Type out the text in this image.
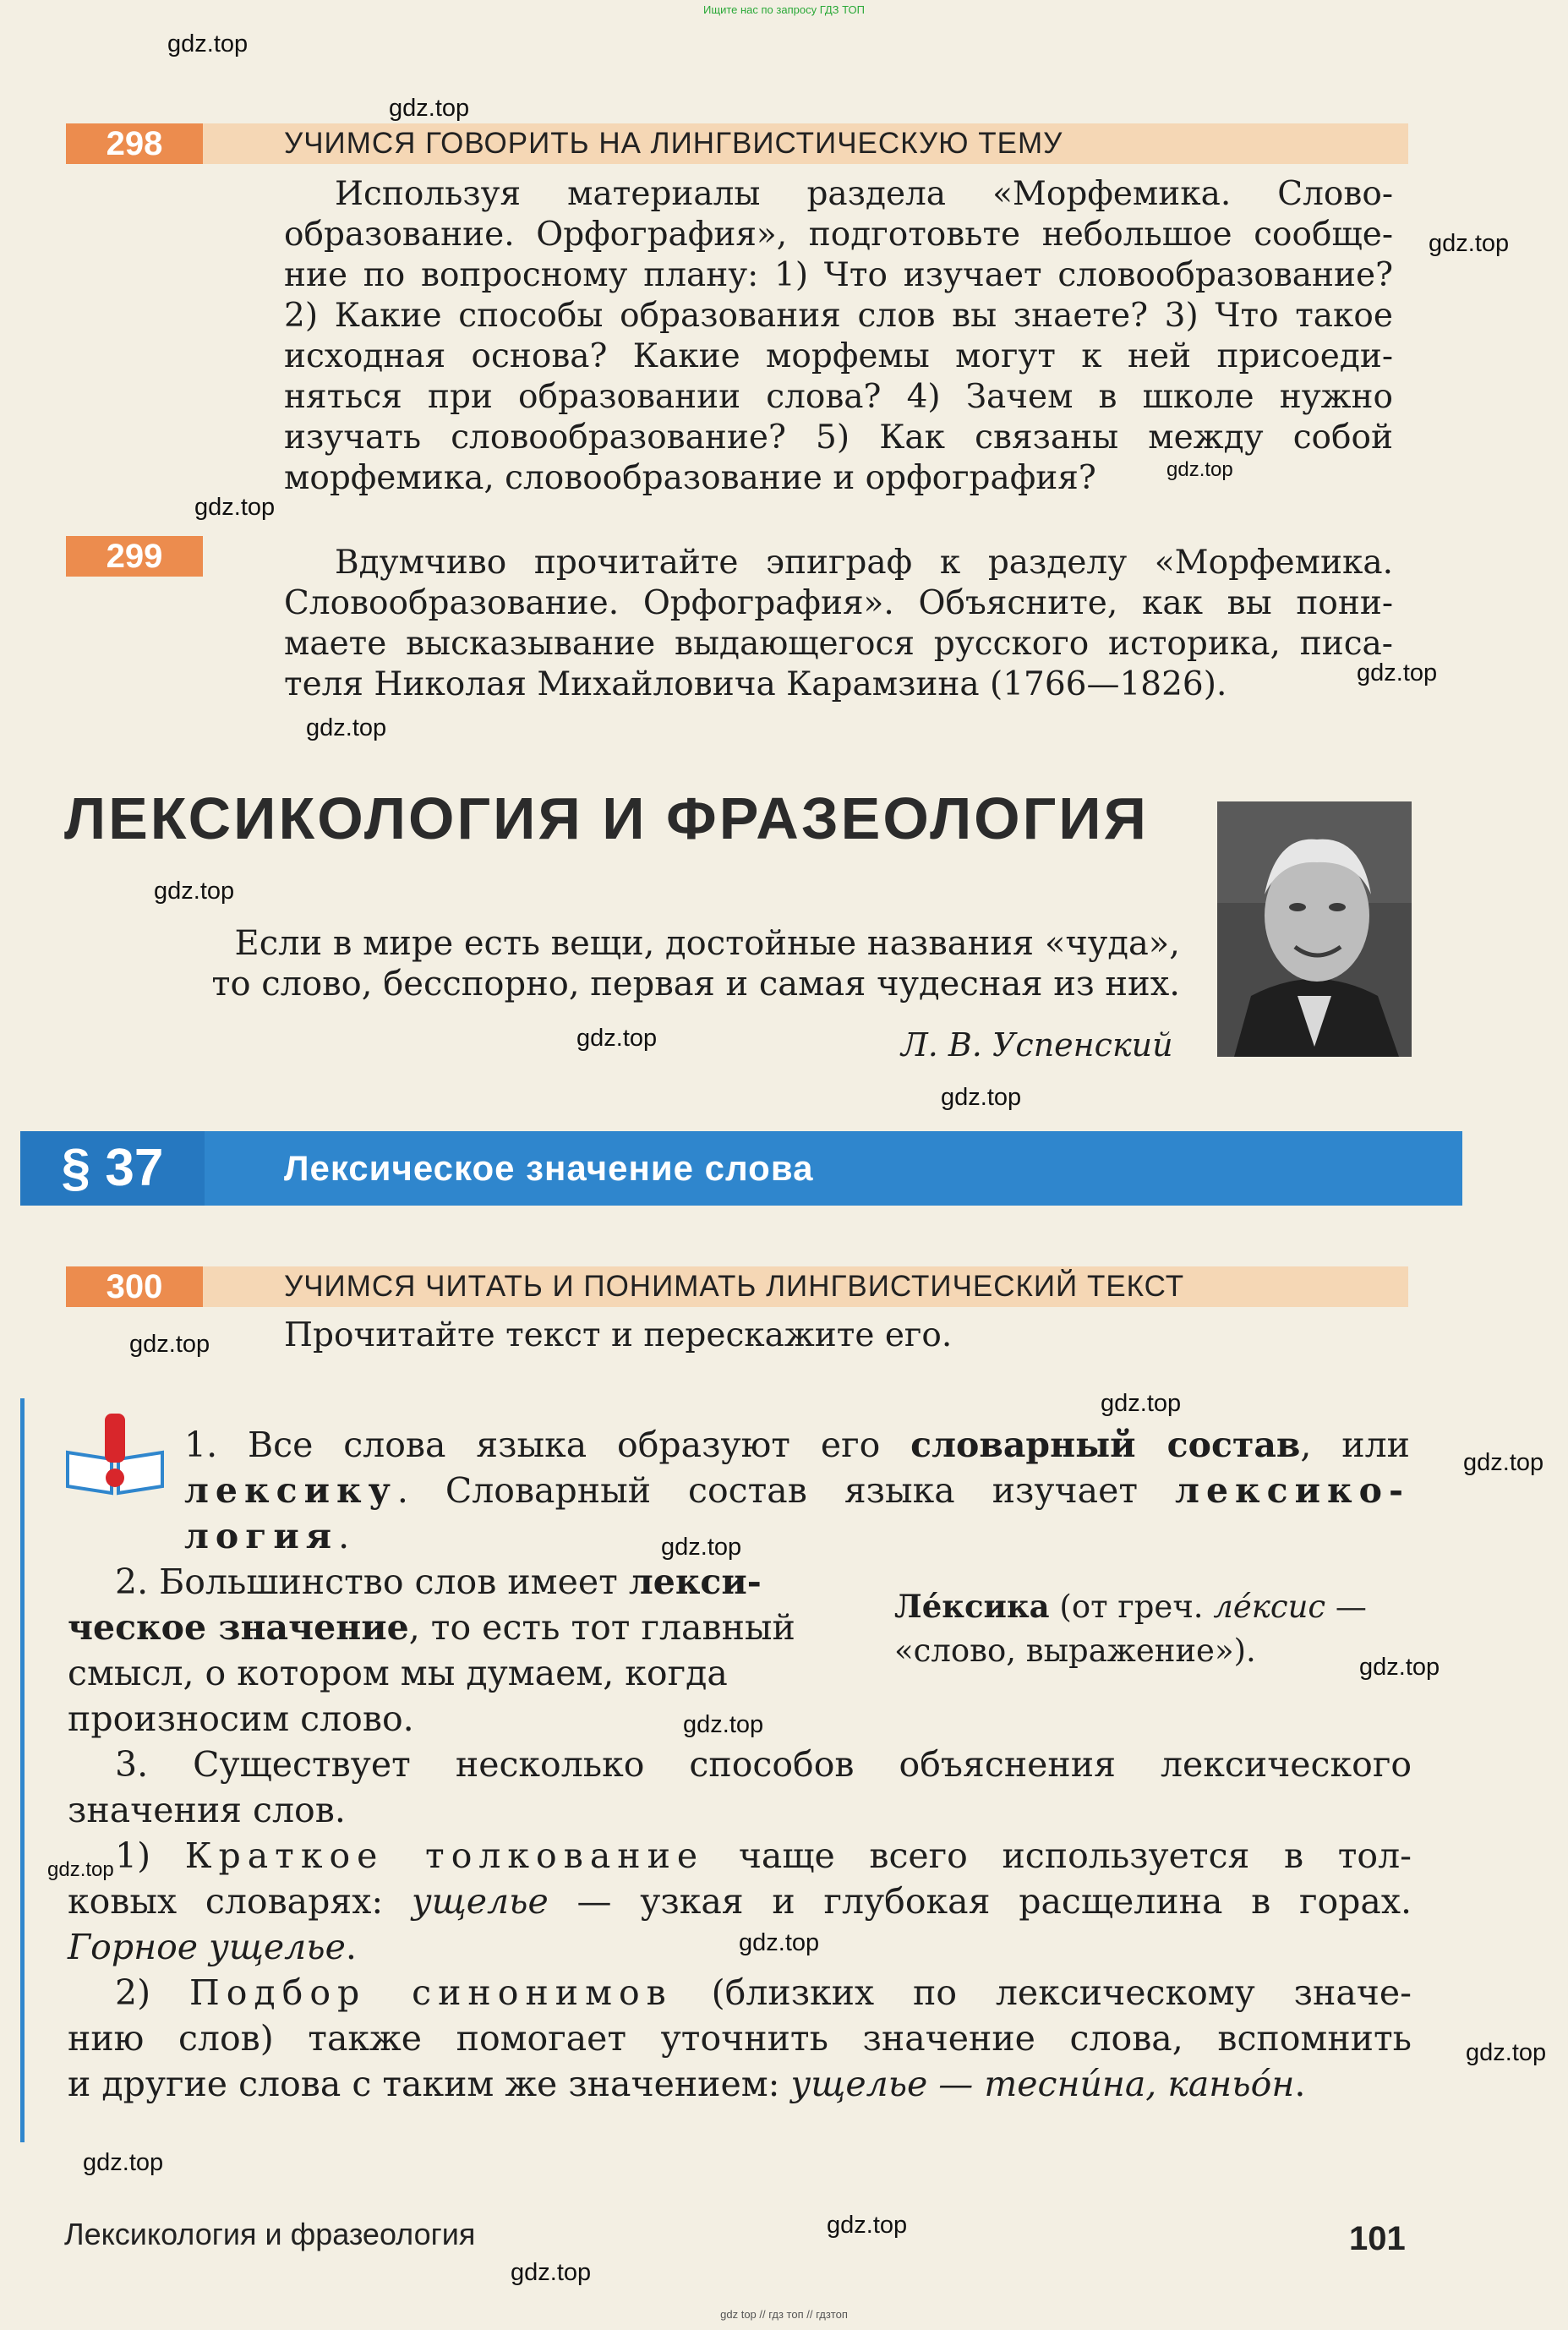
Ищите нас по запросу ГДЗ ТОП
gdz.top
gdz.top
gdz.top
gdz.top
gdz.top
gdz.top
gdz.top
gdz.top
gdz.top
gdz.top
gdz.top
gdz.top
gdz.top
gdz.top
gdz.top
gdz.top
gdz.top
gdz.top
gdz.top
gdz.top
gdz.top
gdz.top
298	УЧИМСЯ ГОВОРИТЬ НА ЛИНГВИСТИЧЕСКУЮ ТЕМУ
Используя материалы раздела «Морфемика. Слово-
образование. Орфография», подготовьте небольшое сообще-
ние по вопросному плану: 1) Что изучает словообразование?
2) Какие способы образования слов вы знаете? 3) Что такое
исходная основа? Какие морфемы могут к ней присоеди-
няться при образовании слова? 4) Зачем в школе нужно
изучать словообразование? 5) Как связаны между собой
морфемика, словообразование и орфография?
299	Вдумчиво прочитайте эпиграф к разделу «Морфемика.
Словообразование. Орфография». Объясните, как вы пони-
маете высказывание выдающегося русского историка, писа-
теля Николая Михайловича Карамзина (1766—1826).
ЛЕКСИКОЛОГИЯ И ФРАЗЕОЛОГИЯ
Если в мире есть вещи, достойные названия «чуда»,
то слово, бесспорно, первая и самая чудесная из них.
Л. В. Успенский
§ 37	Лексическое значение слова
300	УЧИМСЯ ЧИТАТЬ И ПОНИМАТЬ ЛИНГВИСТИЧЕСКИЙ ТЕКСТ
Прочитайте текст и перескажите его.
1. Все слова языка образуют его словарный состав, или
лексику. Словарный состав языка изучает лексико-
логия.
2. Большинство слов имеет лекси-
ческое значение, то есть тот главный
смысл, о котором мы думаем, когда
произносим слово.
Ле́ксика (от греч. ле́ксис —
«слово, выражение»).
3. Существует несколько способов объяснения лексического
значения слов.
1) Краткое толкование чаще всего используется в тол-
ковых словарях: ущелье — узкая и глубокая расщелина в горах.
Горное ущелье.
2) Подбор синонимов (близких по лексическому значе-
нию слов) также помогает уточнить значение слова, вспомнить
и другие слова с таким же значением: ущелье — тесни́на, каньо́н.
Лексикология и фразеология	101
gdz top // гдз топ // гдзтоп
